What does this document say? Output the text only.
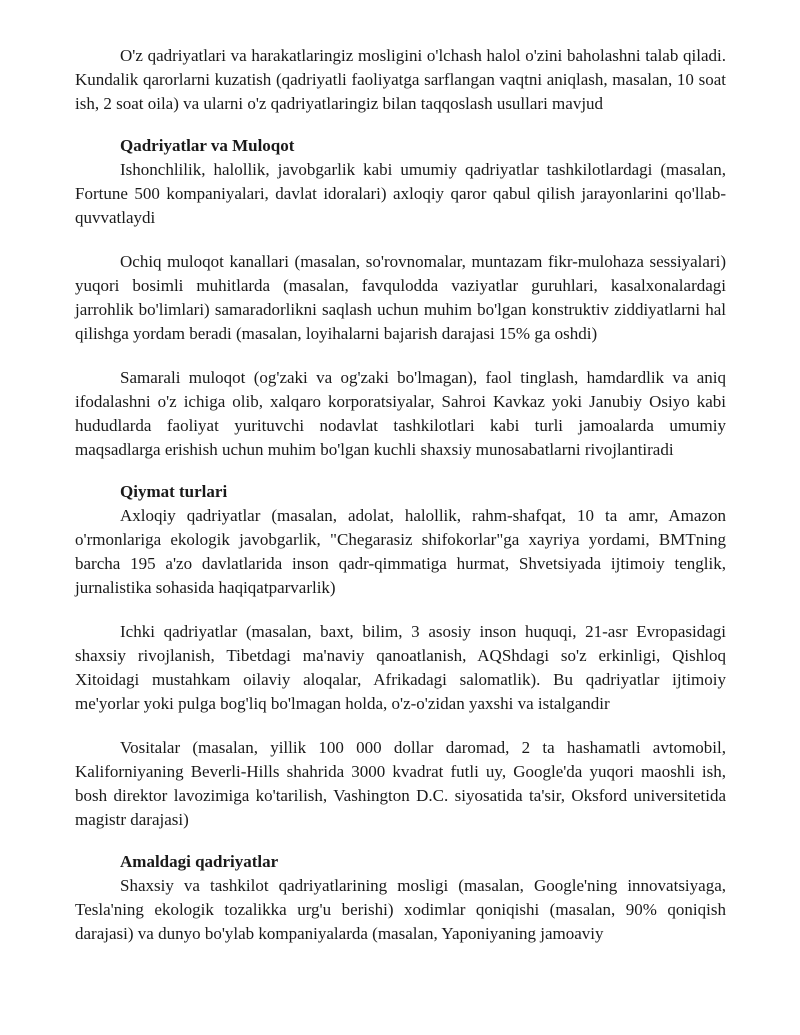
O'z qadriyatlari va harakatlaringiz mosligini o'lchash halol o'zini baholashni talab qiladi. Kundalik qarorlarni kuzatish (qadriyatli faoliyatga sarflangan vaqtni aniqlash, masalan, 10 soat ish, 2 soat oila) va ularni o'z qadriyatlaringiz bilan taqqoslash usullari mavjud

Qadriyatlar va Muloqot

Ishonchlilik, halollik, javobgarlik kabi umumiy qadriyatlar tashkilotlardagi (masalan, Fortune 500 kompaniyalari, davlat idoralari) axloqiy qaror qabul qilish jarayonlarini qo'llab-quvvatlaydi

Ochiq muloqot kanallari (masalan, so'rovnomalar, muntazam fikr-mulohaza sessiyalari) yuqori bosimli muhitlarda (masalan, favqulodda vaziyatlar guruhlari, kasalxonalardagi jarrohlik bo'limlari) samaradorlikni saqlash uchun muhim bo'lgan konstruktiv ziddiyatlarni hal qilishga yordam beradi (masalan, loyihalarni bajarish darajasi 15% ga oshdi)

Samarali muloqot (og'zaki va og'zaki bo'lmagan), faol tinglash, hamdardlik va aniq ifodalashni o'z ichiga olib, xalqaro korporatsiyalar, Sahroi Kavkaz yoki Janubiy Osiyo kabi hududlarda faoliyat yurituvchi nodavlat tashkilotlari kabi turli jamoalarda umumiy maqsadlarga erishish uchun muhim bo'lgan kuchli shaxsiy munosabatlarni rivojlantiradi

Qiymat turlari

Axloqiy qadriyatlar (masalan, adolat, halollik, rahm-shafqat, 10 ta amr, Amazon o'rmonlariga ekologik javobgarlik, "Chegarasiz shifokorlar"ga xayriya yordami, BMTning barcha 195 a'zo davlatlarida inson qadr-qimmatiga hurmat, Shvetsiyada ijtimoiy tenglik, jurnalistika sohasida haqiqatparvarlik)

Ichki qadriyatlar (masalan, baxt, bilim, 3 asosiy inson huquqi, 21-asr Evropasidagi shaxsiy rivojlanish, Tibetdagi ma'naviy qanoatlanish, AQShdagi so'z erkinligi, Qishloq Xitoidagi mustahkam oilaviy aloqalar, Afrikadagi salomatlik). Bu qadriyatlar ijtimoiy me'yorlar yoki pulga bog'liq bo'lmagan holda, o'z-o'zidan yaxshi va istalgandir

Vositalar (masalan, yillik 100 000 dollar daromad, 2 ta hashamatli avtomobil, Kaliforniyaning Beverli-Hills shahrida 3000 kvadrat futli uy, Google'da yuqori maoshli ish, bosh direktor lavozimiga ko'tarilish, Vashington D.C. siyosatida ta'sir, Oksford universitetida magistr darajasi)

Amaldagi qadriyatlar

Shaxsiy va tashkilot qadriyatlarining mosligi (masalan, Google'ning innovatsiyaga, Tesla'ning ekologik tozalikka urg'u berishi) xodimlar qoniqishi (masalan, 90% qoniqish darajasi) va dunyo bo'ylab kompaniyalarda (masalan, Yaponiyaning jamoaviy
